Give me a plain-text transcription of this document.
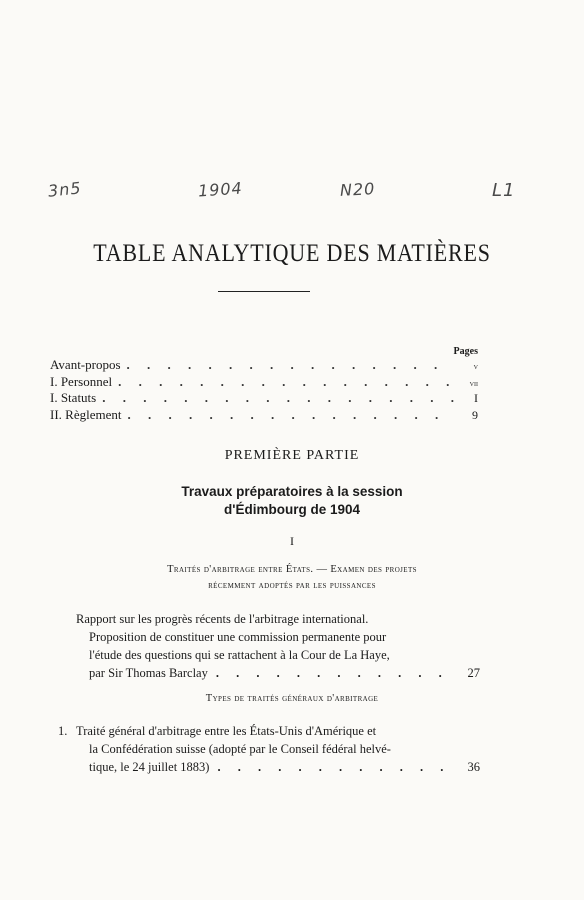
3n5	1904	N20	L1
TABLE ANALYTIQUE DES MATIÈRES
Pages
Avant-propos . . .	v
I. Personnel . . .	vii
I. Statuts . . .	I
II. Règlement . . .	9
PREMIÈRE PARTIE
Travaux préparatoires à la session
d'Édimbourg de 1904
I
Traités d'arbitrage entre États. — Examen des projets
récemment adoptés par les puissances
Rapport sur les progrès récents de l'arbitrage international.
Proposition de constituer une commission permanente pour
l'étude des questions qui se rattachent à la Cour de La Haye,
par Sir Thomas Barclay . . .	27
Types de traités généraux d'arbitrage
1. Traité général d'arbitrage entre les États-Unis d'Amérique et
la Confédération suisse (adopté par le Conseil fédéral helvé-
tique, le 24 juillet 1883) . . .	36
